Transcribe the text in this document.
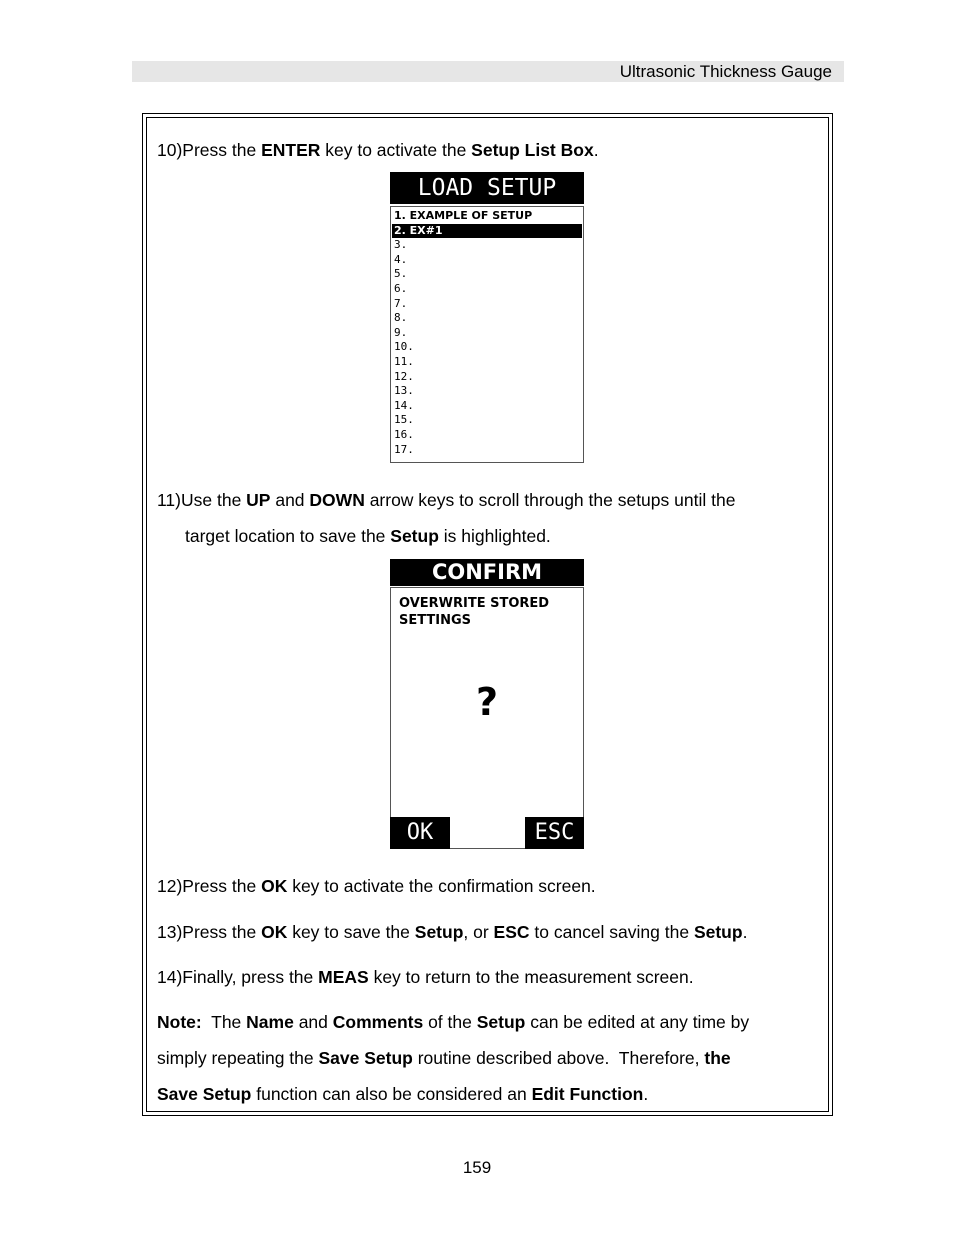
Ultrasonic Thickness Gauge
10)Press the ENTER key to activate the Setup List Box.
LOAD SETUP
1. EXAMPLE OF SETUP
2. EX#1
3.
4.
5.
6.
7.
8.
9.
10.
11.
12.
13.
14.
15.
16.
17.
11)Use the UP and DOWN arrow keys to scroll through the setups until the
target location to save the Setup is highlighted.
CONFIRM
OVERWRITE STORED
SETTINGS
?
OK	ESC
12)Press the OK key to activate the confirmation screen.
13)Press the OK key to save the Setup, or ESC to cancel saving the Setup.
14)Finally, press the MEAS key to return to the measurement screen.
Note:  The Name and Comments of the Setup can be edited at any time by
simply repeating the Save Setup routine described above.  Therefore, the
Save Setup function can also be considered an Edit Function.
159
